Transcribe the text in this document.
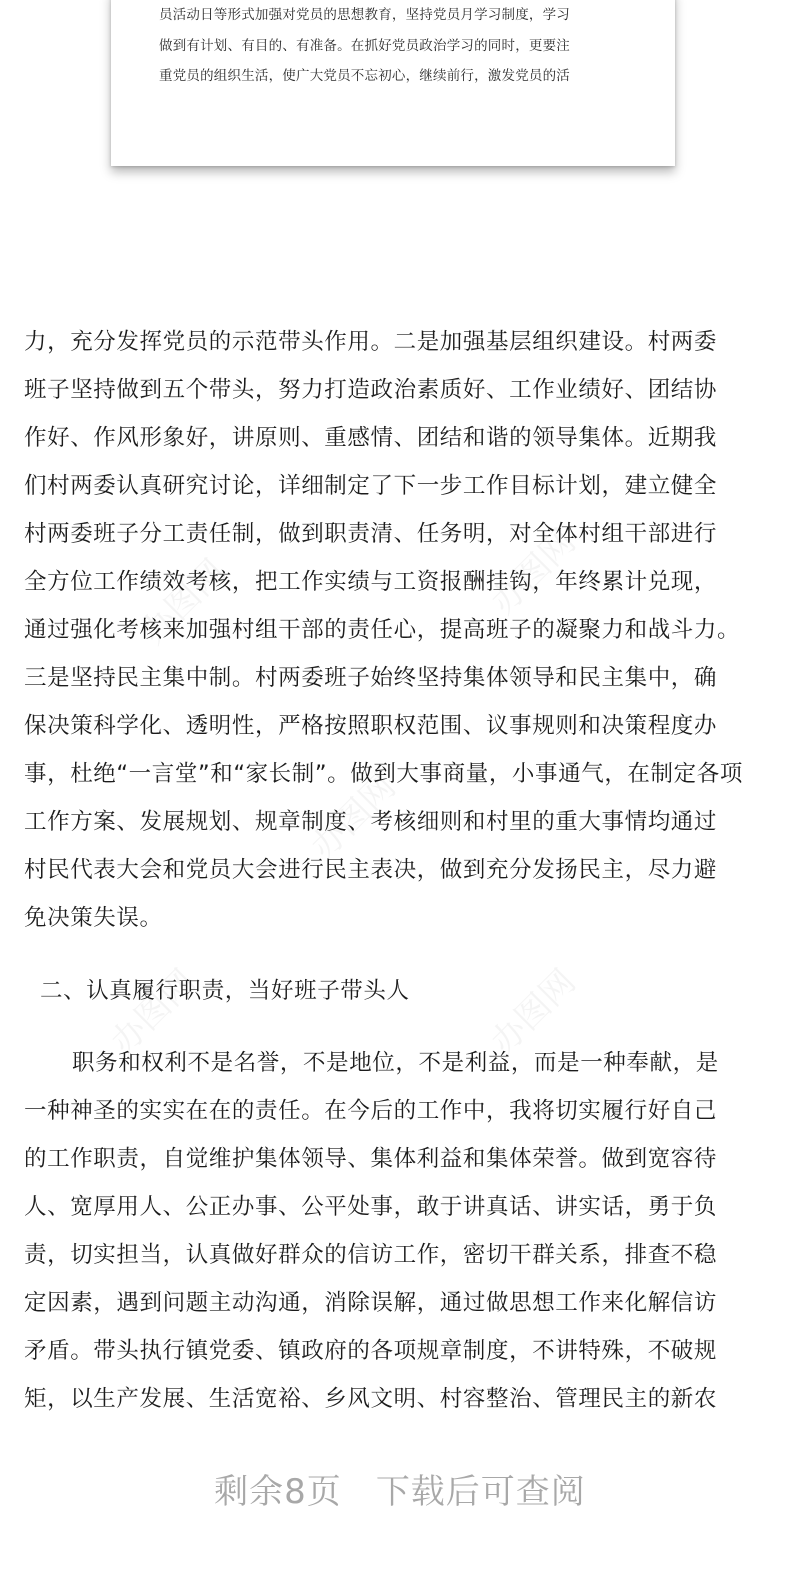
办图网	办图网
办图网
办图网	办图网
员活动日等形式加强对党员的思想教育，坚持党员月学习制度，学习
做到有计划、有目的、有准备。在抓好党员政治学习的同时，更要注
重党员的组织生活，使广大党员不忘初心，继续前行，激发党员的活
力，充分发挥党员的示范带头作用。二是加强基层组织建设。村两委
班子坚持做到五个带头，努力打造政治素质好、工作业绩好、团结协
作好、作风形象好，讲原则、重感情、团结和谐的领导集体。近期我
们村两委认真研究讨论，详细制定了下一步工作目标计划，建立健全
村两委班子分工责任制，做到职责清、任务明，对全体村组干部进行
全方位工作绩效考核，把工作实绩与工资报酬挂钩，年终累计兑现，
通过强化考核来加强村组干部的责任心，提高班子的凝聚力和战斗力。
三是坚持民主集中制。村两委班子始终坚持集体领导和民主集中，确
保决策科学化、透明性，严格按照职权范围、议事规则和决策程度办
事，杜绝“一言堂”和“家长制”。做到大事商量，小事通气，在制定各项
工作方案、发展规划、规章制度、考核细则和村里的重大事情均通过
村民代表大会和党员大会进行民主表决，做到充分发扬民主，尽力避
免决策失误。
二、认真履行职责，当好班子带头人
职务和权利不是名誉，不是地位，不是利益，而是一种奉献，是
一种神圣的实实在在的责任。在今后的工作中，我将切实履行好自己
的工作职责，自觉维护集体领导、集体利益和集体荣誉。做到宽容待
人、宽厚用人、公正办事、公平处事，敢于讲真话、讲实话，勇于负
责，切实担当，认真做好群众的信访工作，密切干群关系，排查不稳
定因素，遇到问题主动沟通，消除误解，通过做思想工作来化解信访
矛盾。带头执行镇党委、镇政府的各项规章制度，不讲特殊，不破规
矩，以生产发展、生活宽裕、乡风文明、村容整治、管理民主的新农
剩余8页 下载后可查阅
